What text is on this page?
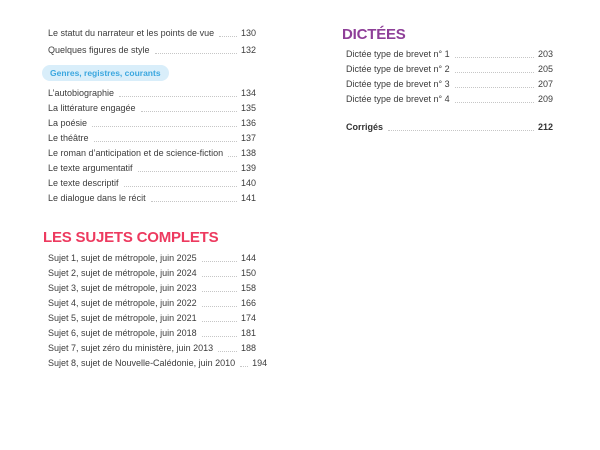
Le statut du narrateur et les points de vue	130
Quelques figures de style	132
Genres, registres, courants
L’autobiographie	134
La littérature engagée	135
La poésie	136
Le théâtre	137
Le roman d’anticipation et de science-fiction 138
Le texte argumentatif	139
Le texte descriptif	140
Le dialogue dans le récit	141
LES SUJETS COMPLETS
Sujet 1, sujet de métropole, juin 2025	144
Sujet 2, sujet de métropole, juin 2024	150
Sujet 3, sujet de métropole, juin 2023	158
Sujet 4, sujet de métropole, juin 2022	166
Sujet 5, sujet de métropole, juin 2021	174
Sujet 6, sujet de métropole, juin 2018	181
Sujet 7, sujet zéro du ministère, juin 2013	188
Sujet 8, sujet de Nouvelle-Calédonie, juin 2010 194
DICTÉES
Dictée type de brevet n° 1	203
Dictée type de brevet n° 2	205
Dictée type de brevet n° 3	207
Dictée type de brevet n° 4	209
Corrigés	212
